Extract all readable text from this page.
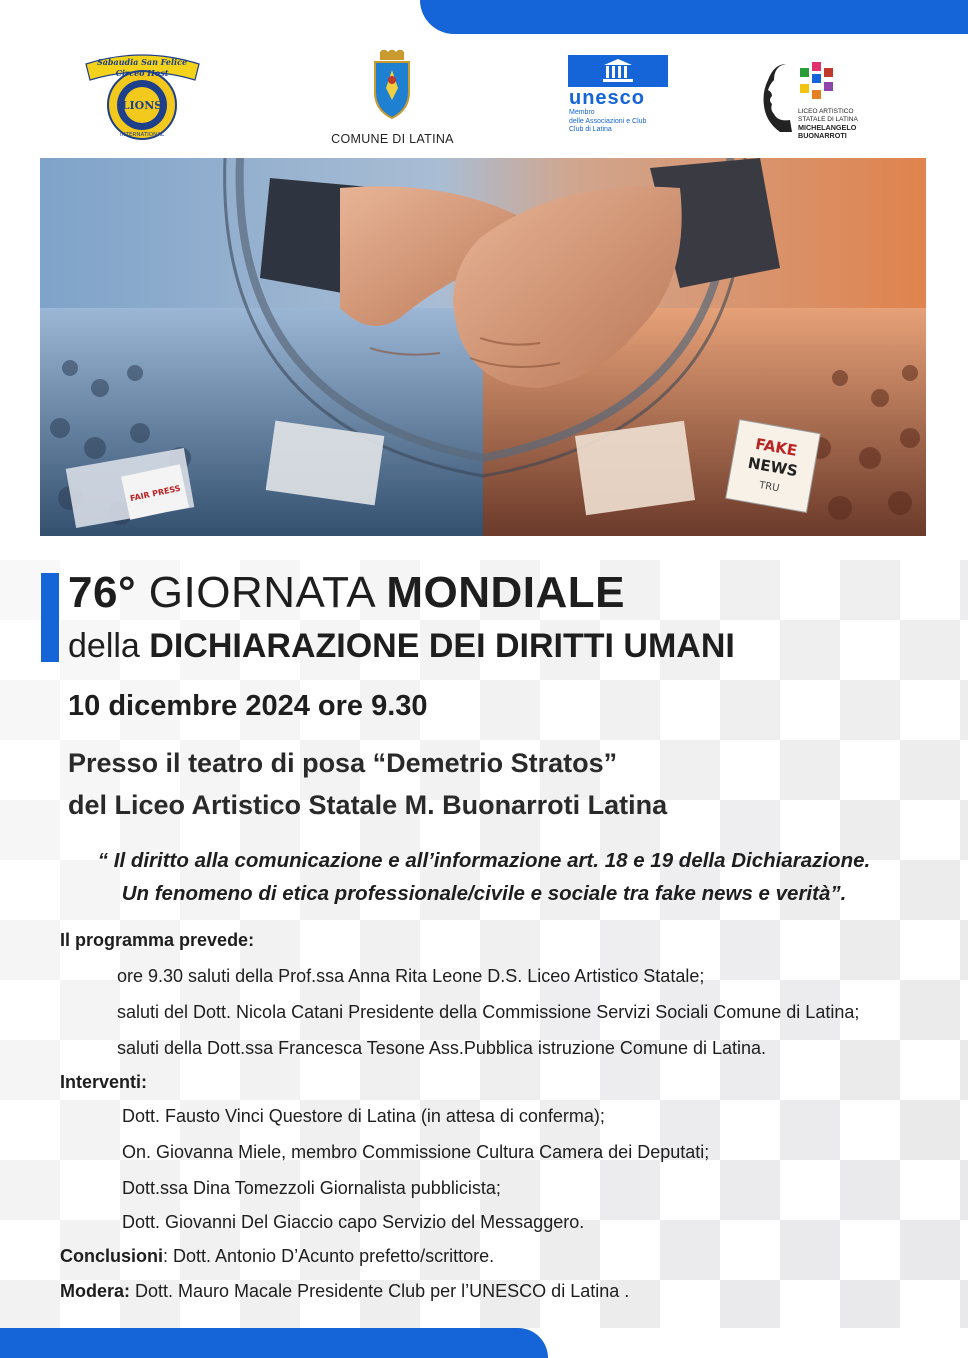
LIONS
INTERNATIONAL
Sabaudia San Felice
Circeo Host
COMUNE DI LATINA
unesco
Membro
delle Associazioni e Club
Club di Latina
LICEO ARTISTICO
STATALE DI LATINA
MICHELANGELO
BUONARROTI
FAIR PRESS
FAKE
NEWS
TRU
76° GIORNATA MONDIALE
della DICHIARAZIONE DEI DIRITTI UMANI
10 dicembre 2024 ore 9.30
Presso il teatro di posa “Demetrio Stratos”
del Liceo Artistico Statale M. Buonarroti Latina
“ Il diritto alla comunicazione e all’informazione art. 18 e 19 della Dichiarazione.
Un fenomeno di etica professionale/civile e sociale tra fake news e verità”.
Il programma prevede:
ore 9.30 saluti della Prof.ssa Anna Rita Leone D.S. Liceo Artistico Statale;
saluti del Dott. Nicola Catani Presidente della Commissione Servizi Sociali Comune di Latina;
saluti della Dott.ssa Francesca Tesone Ass.Pubblica istruzione Comune di Latina.
Interventi:
Dott. Fausto Vinci Questore di Latina (in attesa di conferma);
On. Giovanna Miele, membro Commissione Cultura Camera dei Deputati;
Dott.ssa Dina Tomezzoli Giornalista pubblicista;
Dott. Giovanni Del Giaccio capo Servizio del Messaggero.
Conclusioni: Dott. Antonio D’Acunto prefetto/scrittore.
Modera: Dott. Mauro Macale Presidente Club per l’UNESCO di Latina .
